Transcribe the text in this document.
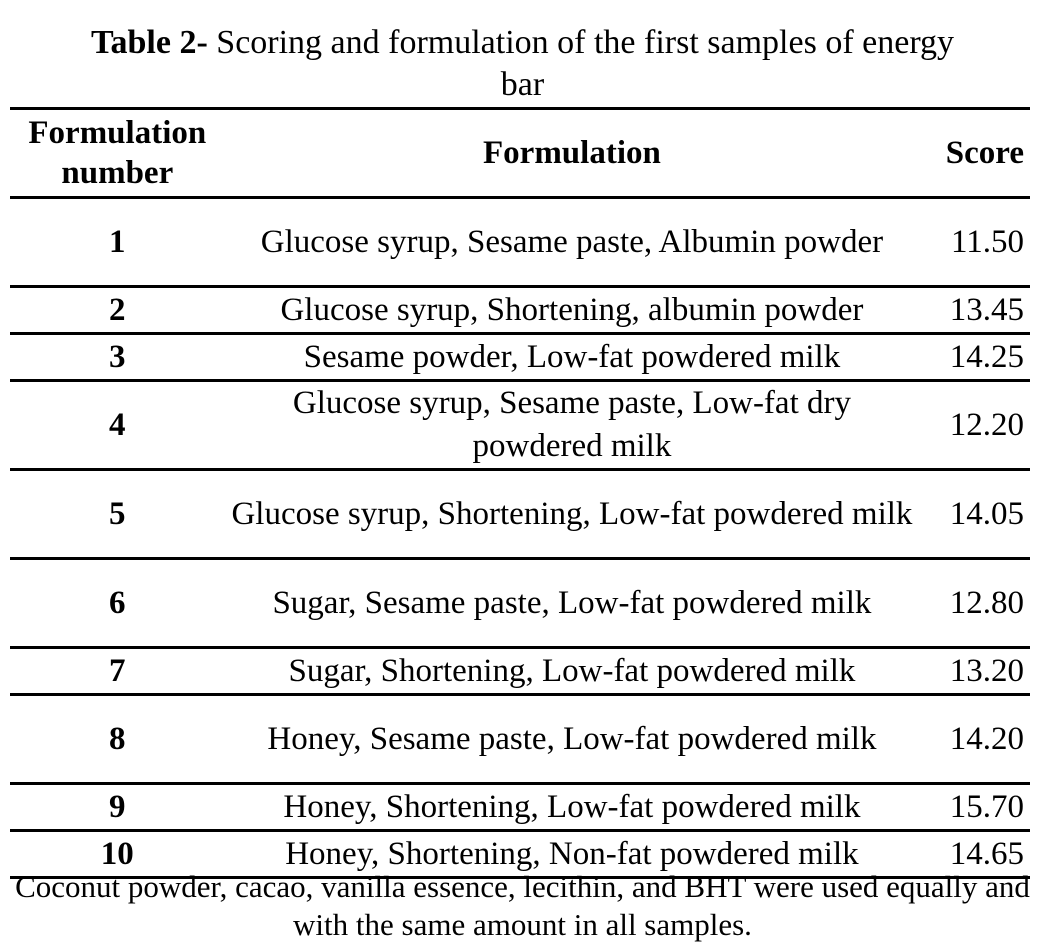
Table 2- Scoring and formulation of the first samples of energy
bar
Formulation number	Formulation	Score
1	Glucose syrup, Sesame paste, Albumin powder	11.50
2	Glucose syrup, Shortening, albumin powder	13.45
3	Sesame powder, Low-fat powdered milk	14.25
4	Glucose syrup, Sesame paste, Low-fat dry powdered milk	12.20
5	Glucose syrup, Shortening, Low-fat powdered milk	14.05
6	Sugar, Sesame paste, Low-fat powdered milk	12.80
7	Sugar, Shortening, Low-fat powdered milk	13.20
8	Honey, Sesame paste, Low-fat powdered milk	14.20
9	Honey, Shortening, Low-fat powdered milk	15.70
10	Honey, Shortening, Non-fat powdered milk	14.65
Coconut powder, cacao, vanilla essence, lecithin, and BHT were used equally and with the same amount in all samples.
